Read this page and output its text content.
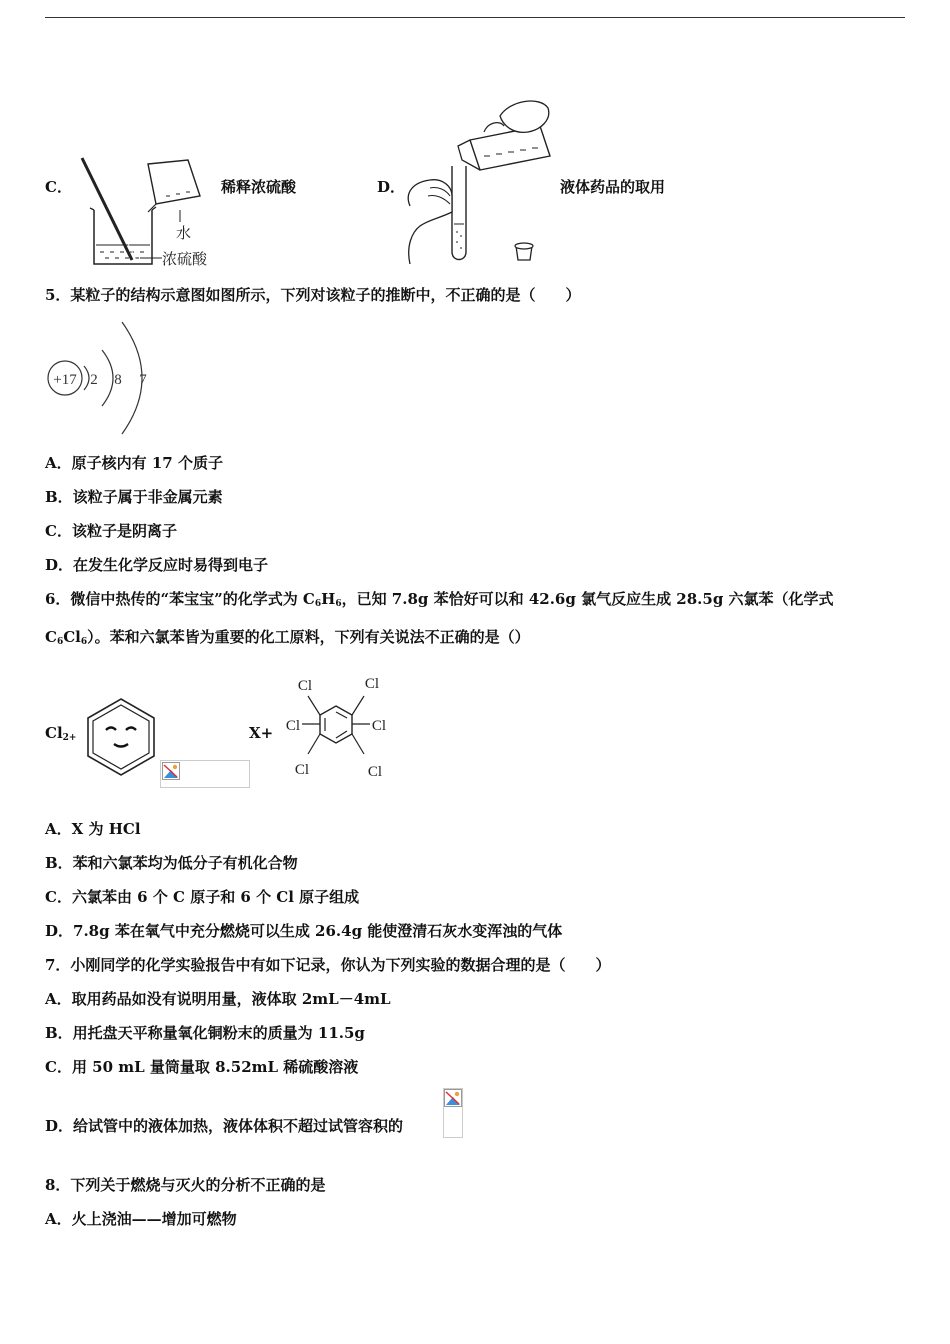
C．
水
浓硫酸
稀释浓硫酸	D．	液体药品的取用
5．某粒子的结构示意图如图所示，下列对该粒子的推断中，不正确的是（　　）
+17 2 8 7
A．原子核内有 17 个质子
B．该粒子属于非金属元素
C．该粒子是阴离子
D．在发生化学反应时易得到电子
6．微信中热传的“苯宝宝”的化学式为 $C_6H_6$，已知 7.8g 苯恰好可以和 42.6g 氯气反应生成 28.5g 六氯苯（化学式
$C_6Cl_6$）。苯和六氯苯皆为重要的化工原料，下列有关说法不正确的是（）
$Cl_{2+}$	X+
Cl	Cl
Cl	Cl
Cl	Cl
A．X 为 HCl
B．苯和六氯苯均为低分子有机化合物
C．六氯苯由 6 个 C 原子和 6 个 Cl 原子组成
D．7.8g 苯在氧气中充分燃烧可以生成 26.4g 能使澄清石灰水变浑浊的气体
7．小刚同学的化学实验报告中有如下记录，你认为下列实验的数据合理的是（　　）
A．取用药品如没有说明用量，液体取 2mL－4mL
B．用托盘天平称量氧化铜粉末的质量为 11.5g
C．用 50 mL 量筒量取 8.52mL 稀硫酸溶液
D．给试管中的液体加热，液体体积不超过试管容积的
8．下列关于燃烧与灭火的分析不正确的是
A．火上浇油——增加可燃物
